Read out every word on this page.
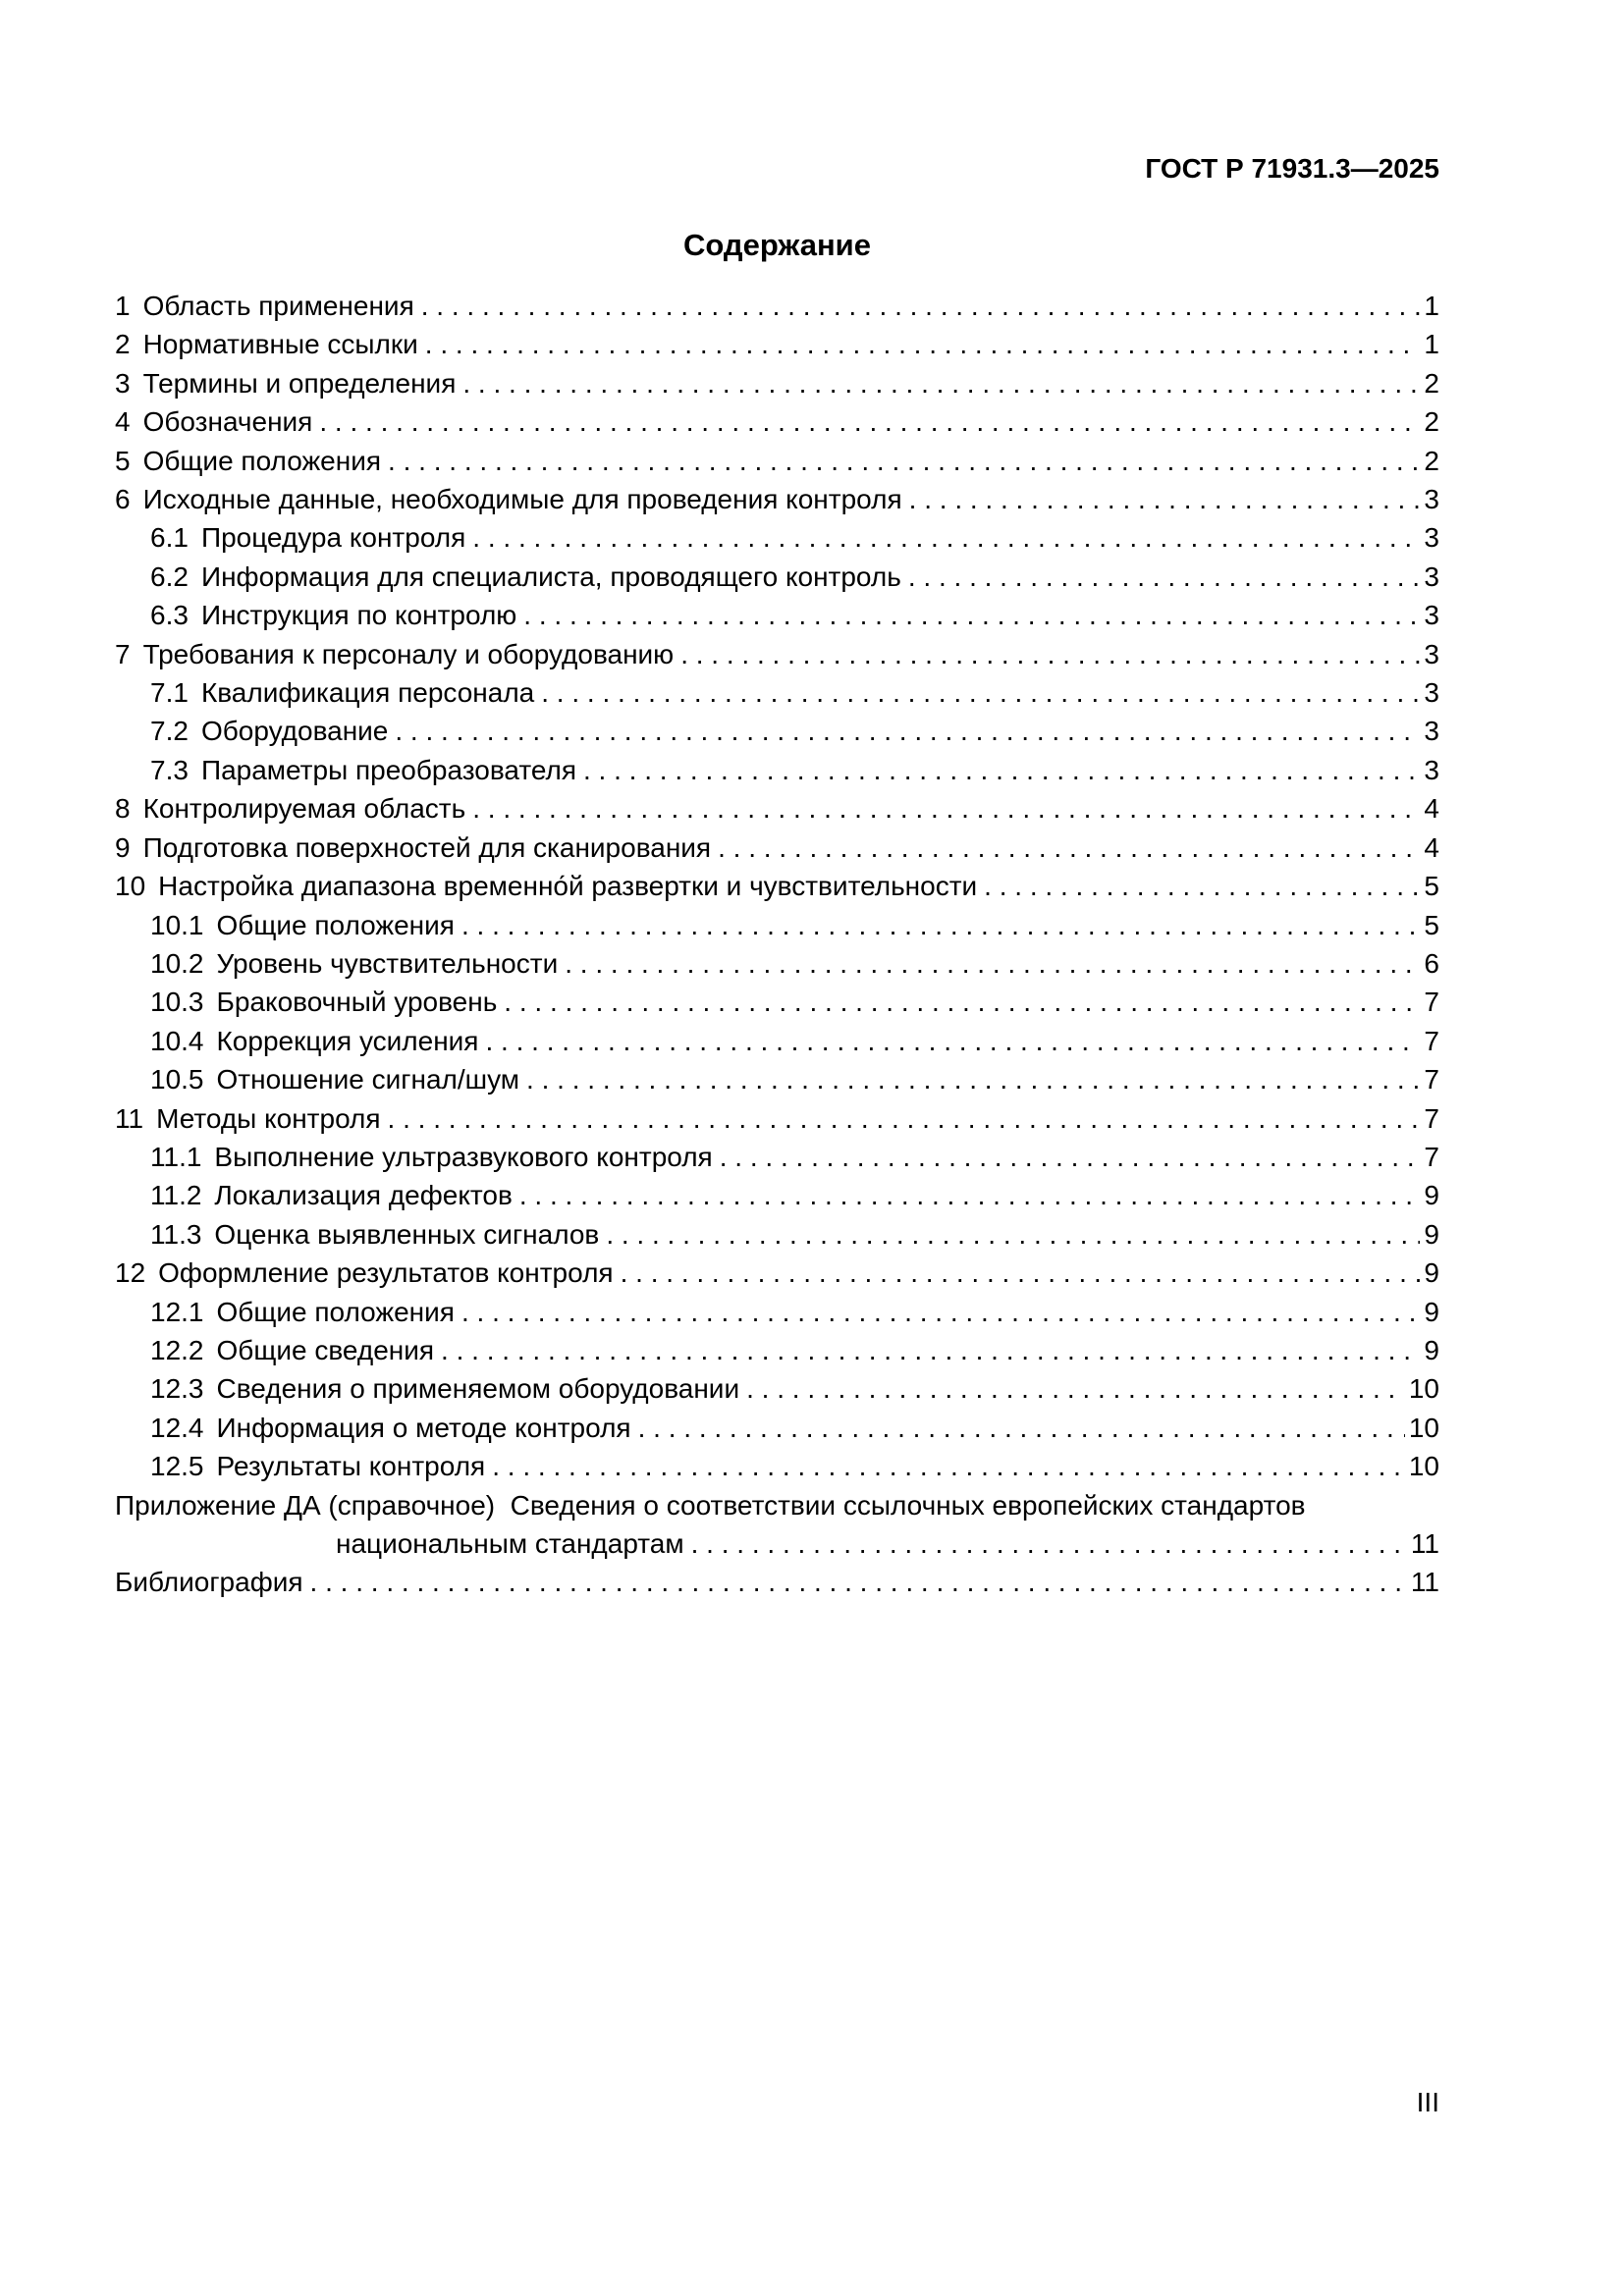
ГОСТ Р 71931.3—2025
Содержание
1 Область применения . . .	1
2 Нормативные ссылки . . .	1
3 Термины и определения . . .	2
4 Обозначения . . .	2
5 Общие положения . . .	2
6 Исходные данные, необходимые для проведения контроля . . .	3
6.1 Процедура контроля . . .	3
6.2 Информация для специалиста, проводящего контроль . . .	3
6.3 Инструкция по контролю . . .	3
7 Требования к персоналу и оборудованию . . .	3
7.1 Квалификация персонала . . .	3
7.2 Оборудование . . .	3
7.3 Параметры преобразователя . . .	3
8 Контролируемая область . . .	4
9 Подготовка поверхностей для сканирования . . .	4
10 Настройка диапазона временно́й развертки и чувствительности . . .	5
10.1 Общие положения . . .	5
10.2 Уровень чувствительности . . .	6
10.3 Браковочный уровень . . .	7
10.4 Коррекция усиления . . .	7
10.5 Отношение сигнал/шум . . .	7
11 Методы контроля . . .	7
11.1 Выполнение ультразвукового контроля . . .	7
11.2 Локализация дефектов . . .	9
11.3 Оценка выявленных сигналов . . .	9
12 Оформление результатов контроля . . .	9
12.1 Общие положения . . .	9
12.2 Общие сведения . . .	9
12.3 Сведения о применяемом оборудовании . . .	10
12.4 Информация о методе контроля . . .	10
12.5 Результаты контроля . . .	10
Приложение ДА (справочное)  Сведения о соответствии ссылочных европейских стандартов
национальным стандартам . . .	11
Библиография . . .	11
III
